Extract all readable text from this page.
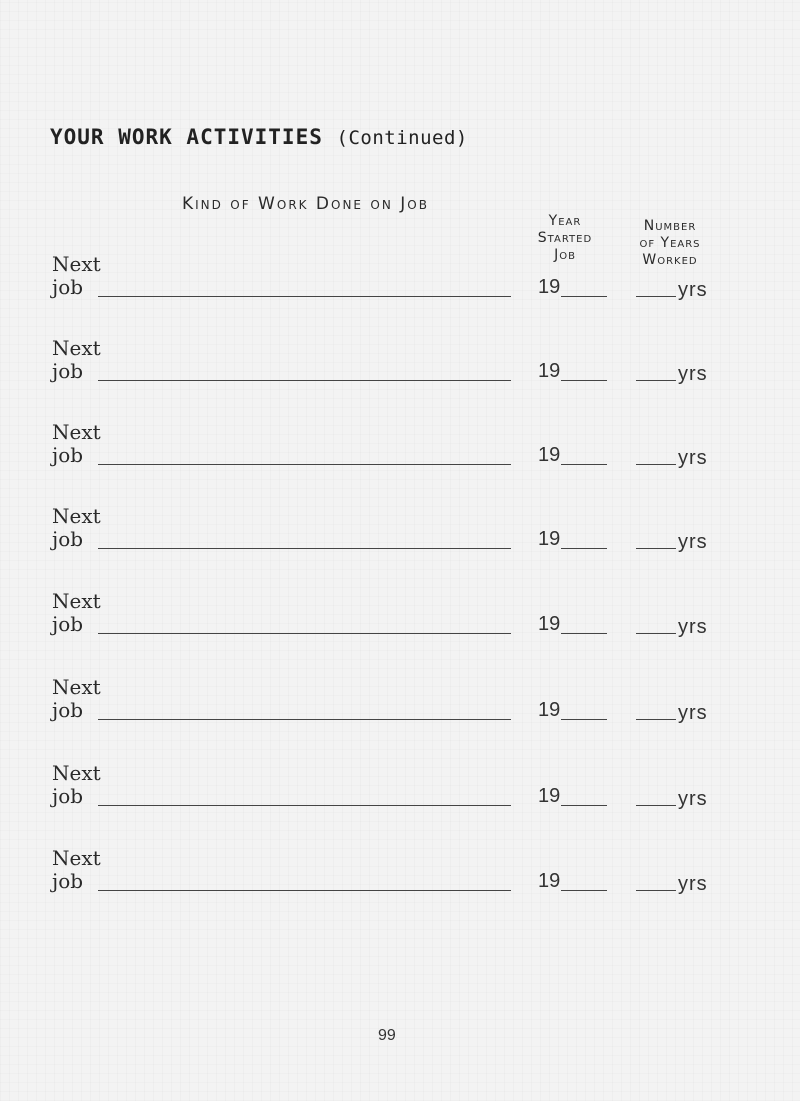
YOUR WORK ACTIVITIES (Continued)
Kind of Work Done on Job
Year
Started
Job
Number
of Years
Worked
Next
job	19	yrs
Next
job	19	yrs
Next
job	19	yrs
Next
job	19	yrs
Next
job	19	yrs
Next
job	19	yrs
Next
job	19	yrs
Next
job	19	yrs
99
